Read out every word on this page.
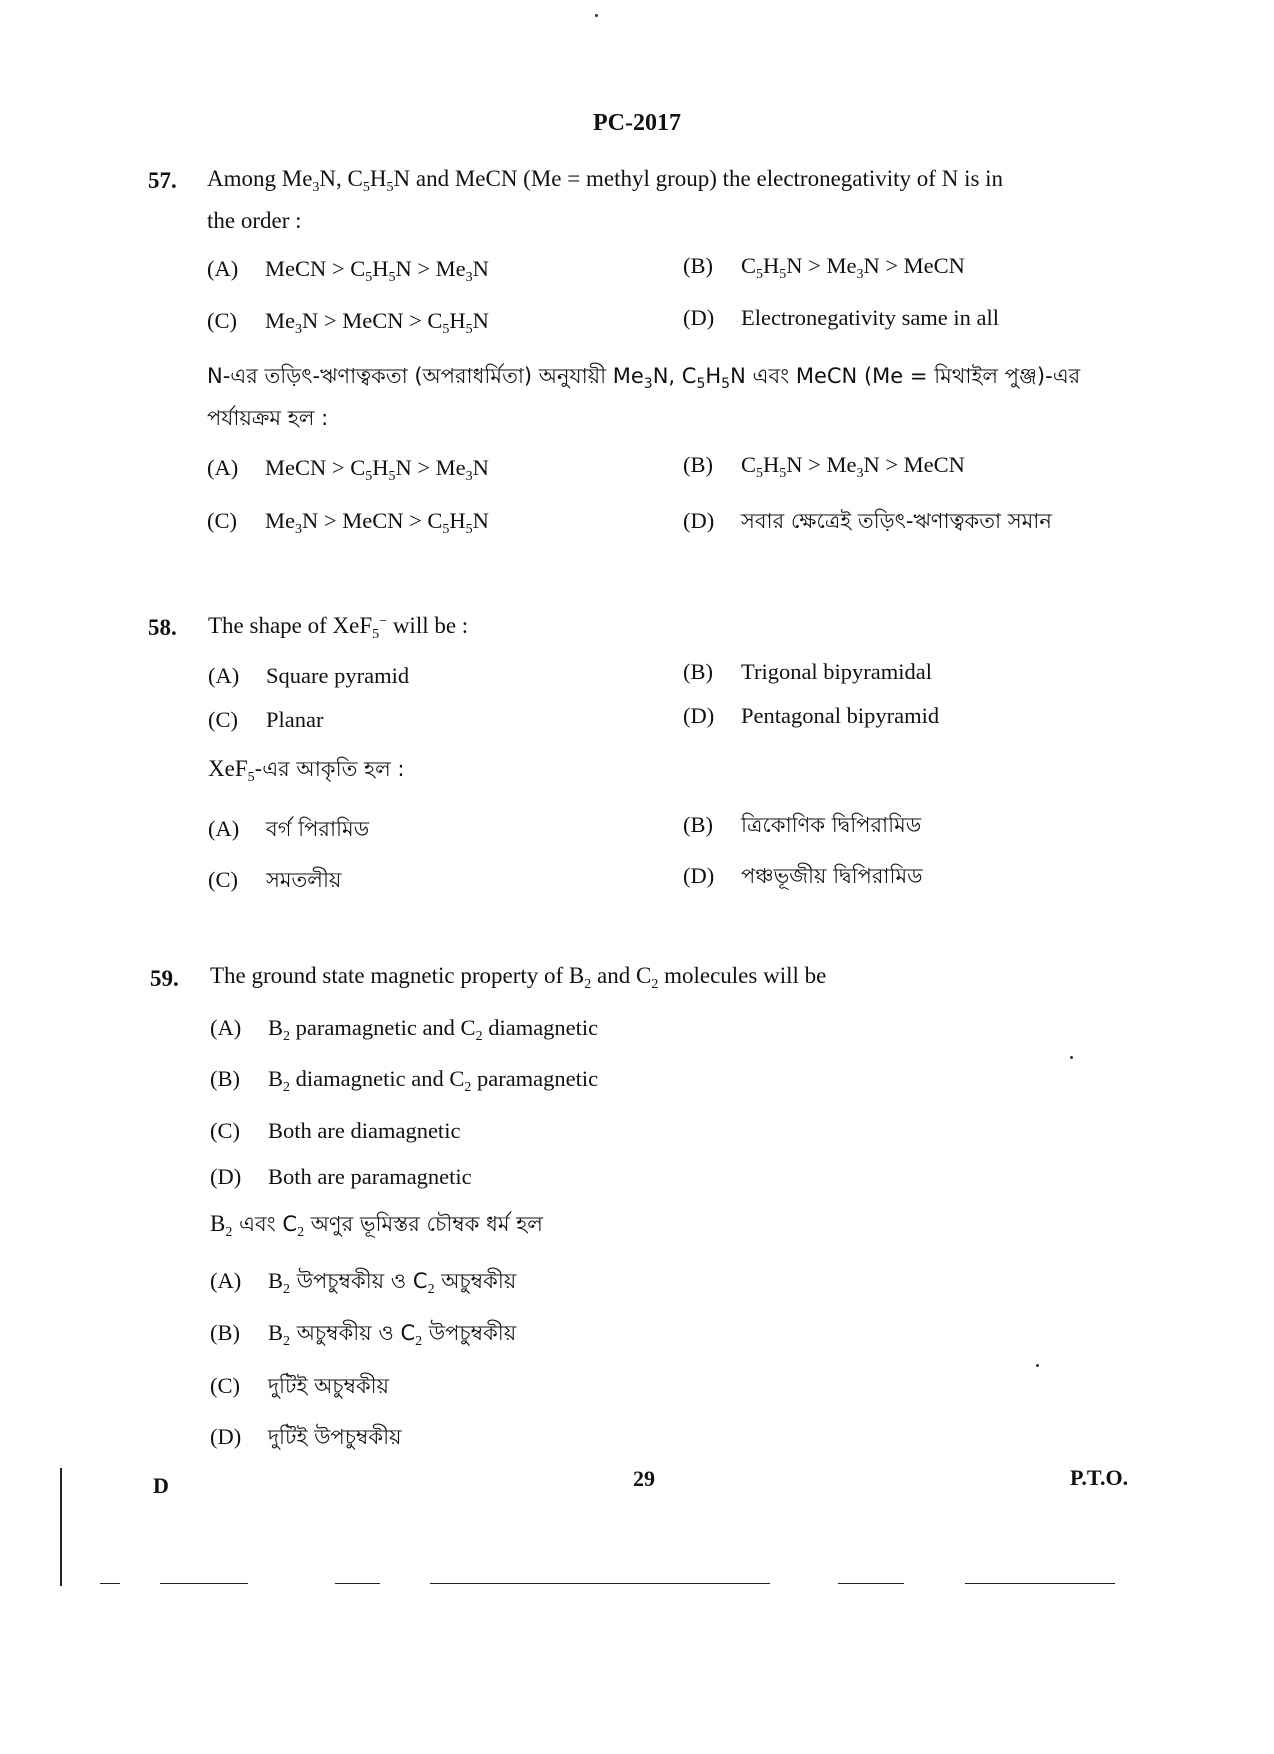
PC-2017
57. Among $Me_3N$, $C_5H_5N$ and MeCN (Me = methyl group) the electronegativity of N is in
the order :
(A) MeCN > $C_5H_5N > Me_3N$	(B) $C_5H_5N > Me_3N$ > MeCN
(C) $Me_3N$ > MeCN > $C_5H_5N$	(D) Electronegativity same in all
N-এর তড়িৎ-ঋণাত্বকতা (অপরাধর্মিতা) অনুযায়ী $Me_3N$, $C_5H_5N$ এবং MeCN (Me = মিথাইল পুঞ্জ)-এর
পর্যায়ক্রম হল :
(A) MeCN > $C_5H_5N > Me_3N$	(B) $C_5H_5N > Me_3N$ > MeCN
(C) $Me_3N$ > MeCN > $C_5H_5N$	(D) সবার ক্ষেত্রেই তড়িৎ-ঋণাত্বকতা সমান
58. The shape of XeF$_5$− will be :
(A) Square pyramid	(B) Trigonal bipyramidal
(C) Planar	(D) Pentagonal bipyramid
XeF$_5$-এর আকৃতি হল :
(A) বর্গ পিরামিড	(B) ত্রিকোণিক দ্বিপিরামিড
(C) সমতলীয়	(D) পঞ্চভূজীয় দ্বিপিরামিড
59. The ground state magnetic property of $B_2$ and $C_2$ molecules will be
(A) $B_2$ paramagnetic and $C_2$ diamagnetic
(B) $B_2$ diamagnetic and $C_2$ paramagnetic
(C) Both are diamagnetic
(D) Both are paramagnetic
$B_2$ এবং $C_2$ অণুর ভূমিস্তর চৌম্বক ধর্ম হল
(A) $B_2$ উপচুম্বকীয় ও $C_2$ অচুম্বকীয়
(B) $B_2$ অচুম্বকীয় ও $C_2$ উপচুম্বকীয়
(C) দুটিই অচুম্বকীয়
(D) দুটিই উপচুম্বকীয়
D	29	P.T.O.
